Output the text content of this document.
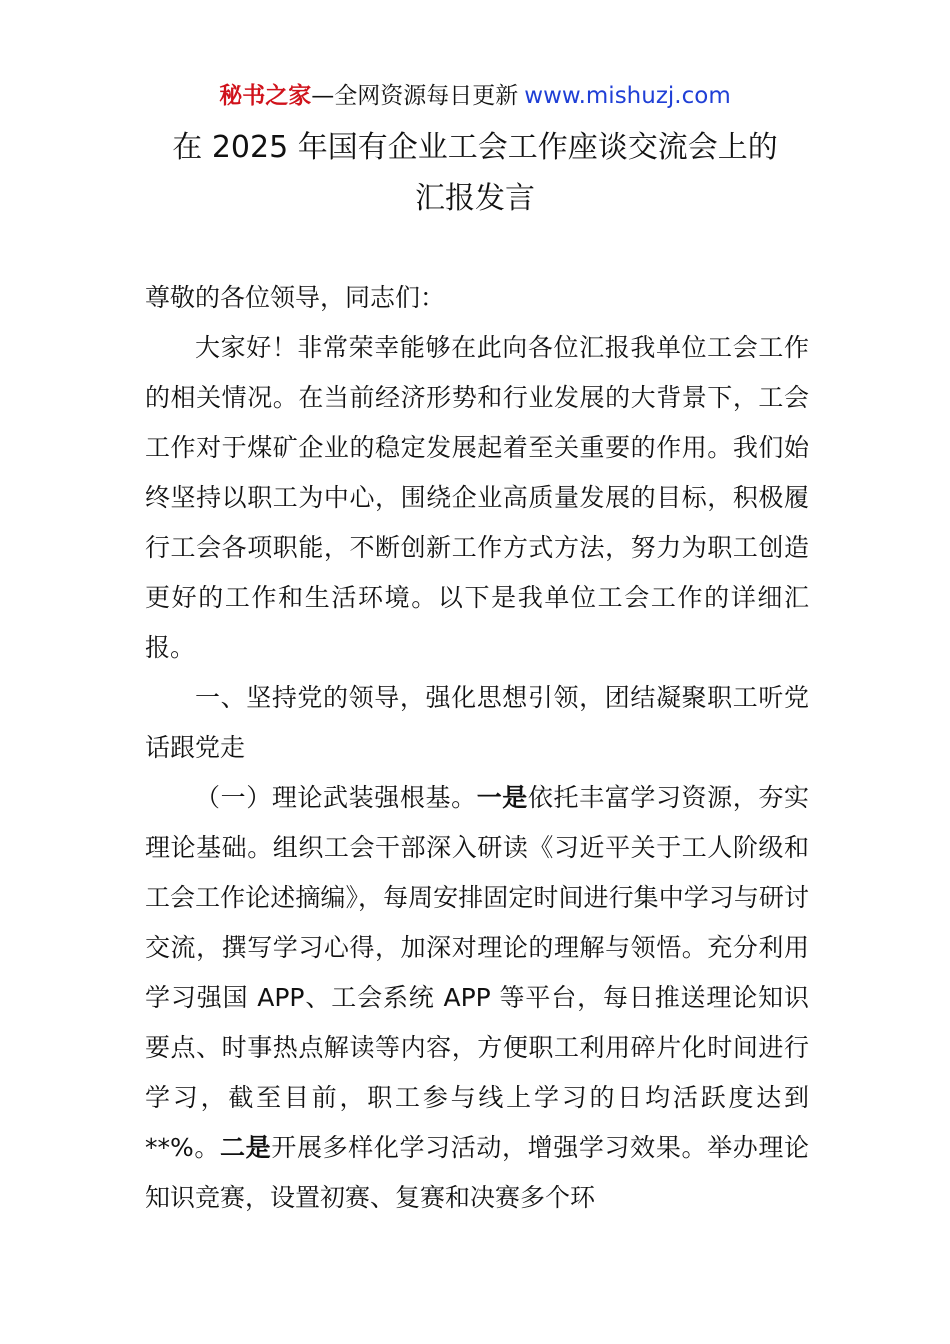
秘书之家—全网资源每日更新 www.mishuzj.com
在 2025 年国有企业工会工作座谈交流会上的
汇报发言

尊敬的各位领导，同志们：

大家好！非常荣幸能够在此向各位汇报我单位工会工作的相关情况。在当前经济形势和行业发展的大背景下，工会工作对于煤矿企业的稳定发展起着至关重要的作用。我们始终坚持以职工为中心，围绕企业高质量发展的目标，积极履行工会各项职能，不断创新工作方式方法，努力为职工创造更好的工作和生活环境。以下是我单位工会工作的详细汇报。

一、坚持党的领导，强化思想引领，团结凝聚职工听党话跟党走

（一）理论武装强根基。一是依托丰富学习资源，夯实理论基础。组织工会干部深入研读《习近平关于工人阶级和工会工作论述摘编》，每周安排固定时间进行集中学习与研讨交流，撰写学习心得，加深对理论的理解与领悟。充分利用学习强国 APP、工会系统 APP 等平台，每日推送理论知识要点、时事热点解读等内容，方便职工利用碎片化时间进行学习，截至目前，职工参与线上学习的日均活跃度达到**%。二是开展多样化学习活动，增强学习效果。举办理论知识竞赛，设置初赛、复赛和决赛多个环
